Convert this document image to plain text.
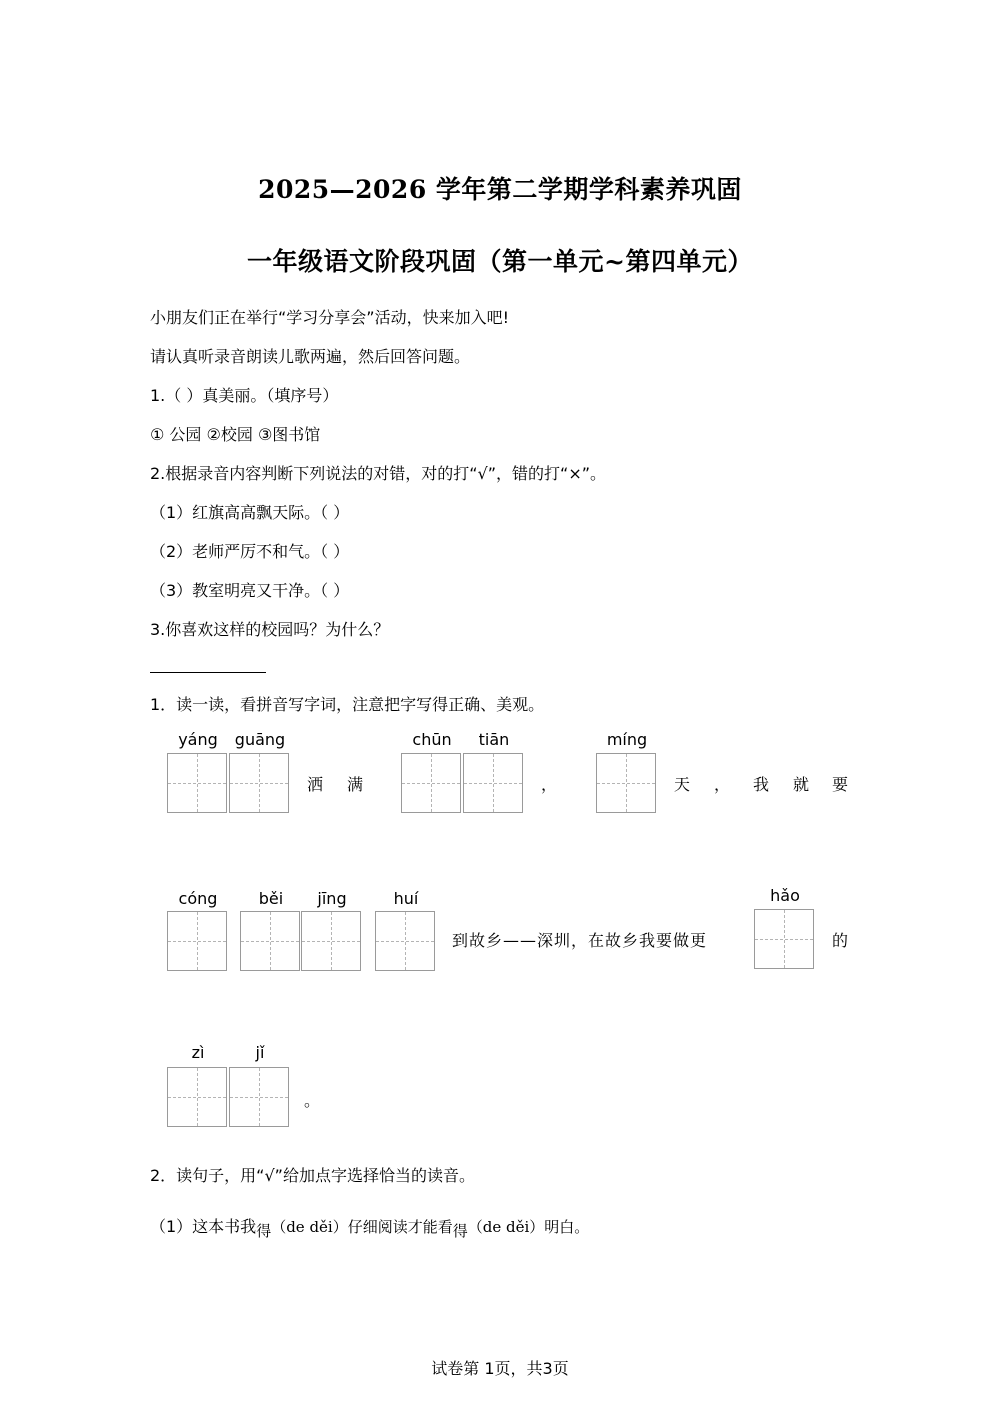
2025—2026 学年第二学期学科素养巩固
一年级语文阶段巩固（第一单元~第四单元）
小朋友们正在举行“学习分享会”活动，快来加入吧!
请认真听录音朗读儿歌两遍，然后回答问题。
1.（ ）真美丽。（填序号）
① 公园 ②校园 ③图书馆
2.根据录音内容判断下列说法的对错，对的打“√”，错的打“×”。
（1）红旗高高飘天际。（ ）
（2）老师严厉不和气。（ ）
（3）教室明亮又干净。（ ）
3.你喜欢这样的校园吗？为什么？
1．读一读，看拼音写字词，注意把字写得正确、美观。
yáng	guāng
洒 满
chūn	tiān
，
míng
天 ， 我 就 要
cóng	běi	jīng	huí
到故乡——深圳，在故乡我要做更
hǎo
的
zì	jǐ
。
2．读句子，用“√”给加点字选择恰当的读音。
（1）这本书我得（de děi）仔细阅读才能看得（de děi）明白。
试卷第 1页，共3页
